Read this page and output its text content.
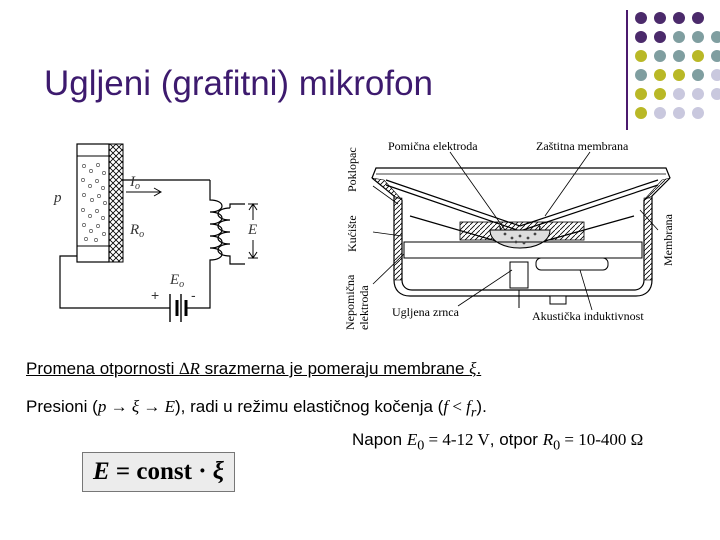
Ugljeni (grafitni) mikrofon
p
$I_o$
$R_o$	E
$E_o$
+ -
Pomična elektroda	Zaštitna membrana
Ugljena zrnca	Akustička induktivnost
Poklopac
Kućište
Nepomična elektroda
Membrana
Promena otpornosti ∆R srazmerna je pomeraju membrane ξ.
Presioni (p → ξ → E), radi u režimu elastičnog kočenja $(f < f_r)$.
Napon $E_0 = 4-12$ V, otpor $R_0 = 10-400$ Ω
E = const · ξ
